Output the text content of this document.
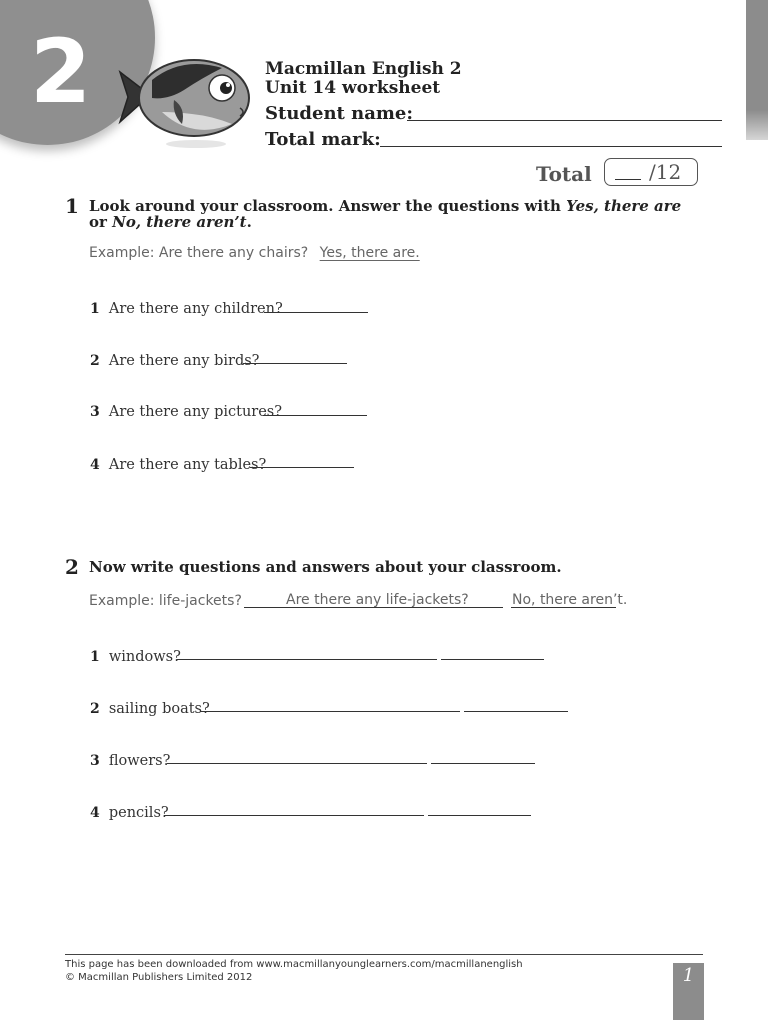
2	Macmillan English 2
Unit 14 worksheet
Student name:
Total mark:
Total	/12
1 Look around your classroom. Answer the questions with Yes, there are
or No, there aren’t.
Example: Are there any chairs? Yes, there are.
1 Are there any children?
2 Are there any birds?
3 Are there any pictures?
4 Are there any tables?
2 Now write questions and answers about your classroom.
Example: life-jackets?	Are there any life-jackets?	No, there aren’t.
1 windows?
2 sailing boats?
3 flowers?
4 pencils?
This page has been downloaded from www.macmillanyounglearners.com/macmillanenglish
© Macmillan Publishers Limited 2012	1
